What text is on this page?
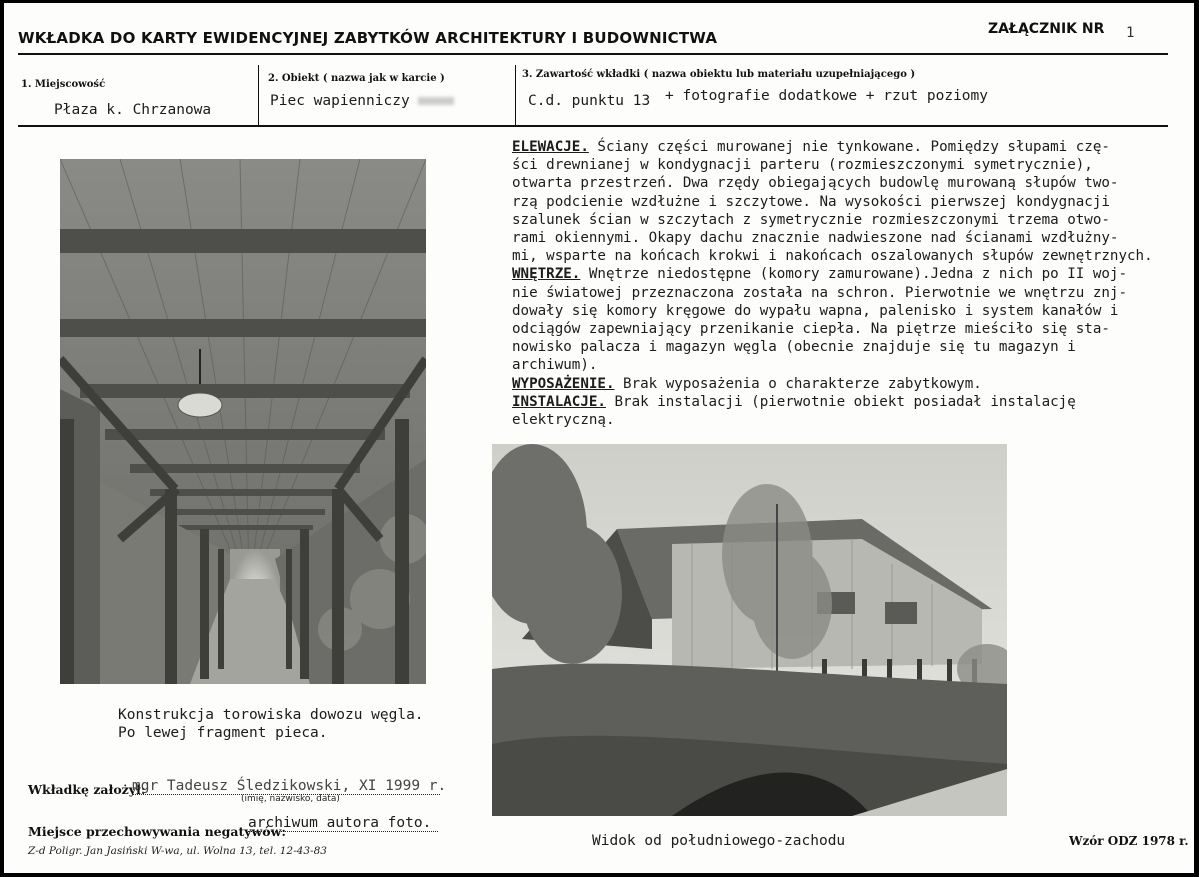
WKŁADKA DO KARTY EWIDENCYJNEJ ZABYTKÓW ARCHITEKTURY I BUDOWNICTWA	ZAŁĄCZNIK NR 1
1. Miejscowość
Płaza k. Chrzanowa
2. Obiekt ( nazwa jak w karcie )
Piec wapienniczy
3. Zawartość wkładki ( nazwa obiektu lub materiału uzupełniającego )
C.d. punktu 13 + fotografie dodatkowe + rzut poziomy
ELEWACJE. Ściany części murowanej nie tynkowane. Pomiędzy słupami czę-
ści drewnianej w kondygnacji parteru (rozmieszczonymi symetrycznie),
otwarta przestrzeń. Dwa rzędy obiegających budowlę murowaną słupów two-
rzą podcienie wzdłużne i szczytowe. Na wysokości pierwszej kondygnacji
szalunek ścian w szczytach z symetrycznie rozmieszczonymi trzema otwo-
rami okiennymi. Okapy dachu znacznie nadwieszone nad ścianami wzdłużny-
mi, wsparte na końcach krokwi i nakońcach oszalowanych słupów zewnętrznych.
WNĘTRZE. Wnętrze niedostępne (komory zamurowane).Jedna z nich po II woj-
nie światowej przeznaczona została na schron. Pierwotnie we wnętrzu znj-
dowały się komory kręgowe do wypału wapna, palenisko i system kanałów i
odciągów zapewniający przenikanie ciepła. Na piętrze mieściło się sta-
nowisko palacza i magazyn węgla (obecnie znajduje się tu magazyn i
archiwum).
WYPOSAŻENIE. Brak wyposażenia o charakterze zabytkowym.
INSTALACJE. Brak instalacji (pierwotnie obiekt posiadał instalację
elektryczną.
Konstrukcja torowiska dowozu węgla.
Po lewej fragment pieca.
Widok od południowego-zachodu
Wkładkę założył:
mgr Tadeusz Śledzikowski, XI 1999 r.
(imię, nazwisko, data)
Miejsce przechowywania negatywów:
archiwum autora foto.
Z-d Poligr. Jan Jasiński W-wa, ul. Wolna 13, tel. 12-43-83
Wzór ODZ 1978 r.
